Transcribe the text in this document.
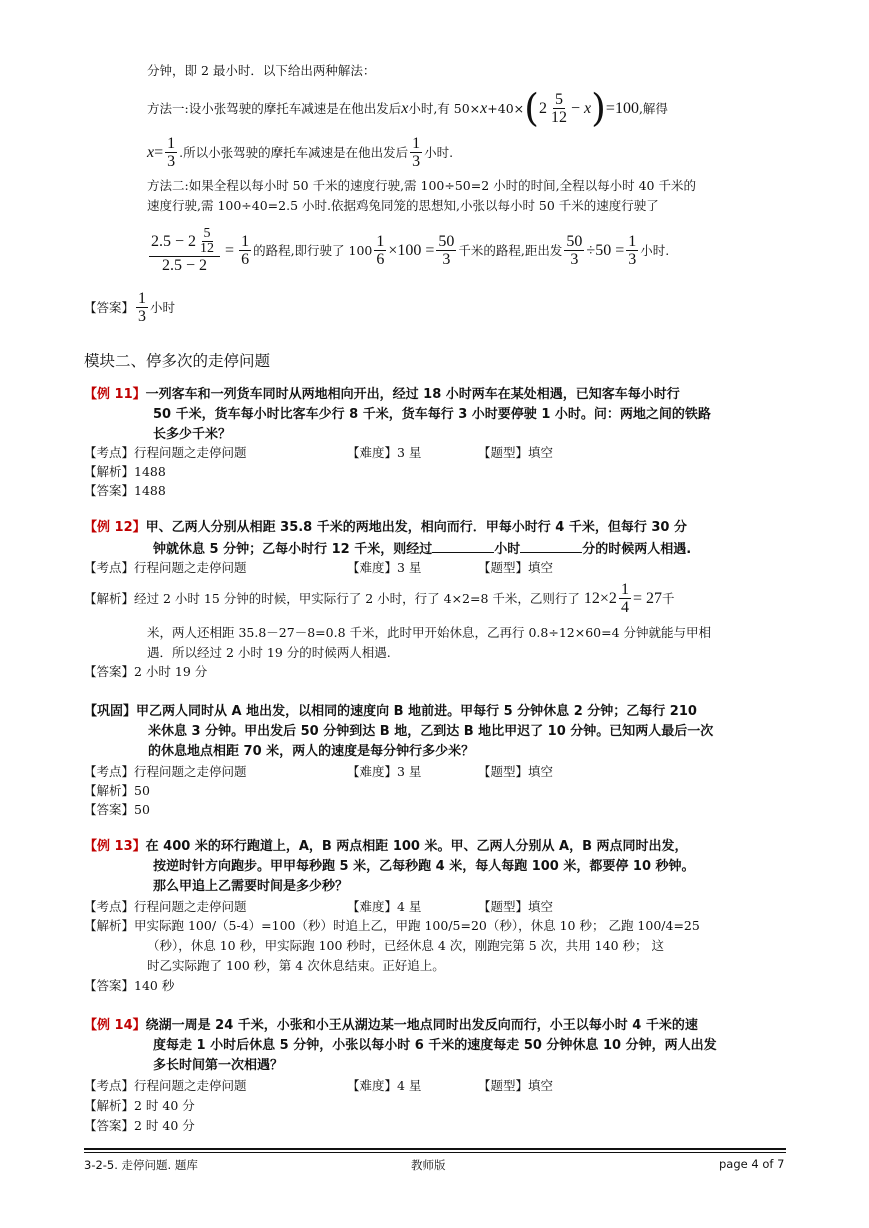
分钟，即 2 最小时．以下给出两种解法：
方法一:设小张驾驶的摩托车减速是在他出发后 x 小时,有 50× x +40× ( $2 \frac{5}{12} - x$ ) =100 ,解得
$x = \frac{1}{3}$ .所以小张驾驶的摩托车减速是在他出发后 $\frac{1}{3}$ 小时.
方法二:如果全程以每小时 50 千米的速度行驶,需 100÷50=2 小时的时间,全程以每小时 40 千米的
速度行驶,需 100÷40=2.5 小时.依据鸡兔同笼的思想知,小张以每小时 50 千米的速度行驶了
$\frac{2.5 - 2 \frac{5}{12}}{2.5 - 2} = \frac{1}{6}$ 的路程,即行驶了 $100 \frac{1}{6} \times 100 = \frac{50}{3}$ 千米的路程,距出发 $\frac{50}{3} \div 50 = \frac{1}{3}$ 小时.
【答案】 $\frac{1}{3}$ 小时
模块二、停多次的走停问题
【例 11】一列客车和一列货车同时从两地相向开出，经过 18 小时两车在某处相遇，已知客车每小时行
50 千米，货车每小时比客车少行 8 千米，货车每行 3 小时要停驶 1 小时。问：两地之间的铁路
长多少千米？
【考点】行程问题之走停问题	【难度】3 星	【题型】填空
【解析】1488
【答案】1488
【例 12】甲、乙两人分别从相距 35.8 千米的两地出发，相向而行．甲每小时行 4 千米，但每行 30 分
钟就休息 5 分钟；乙每小时行 12 千米，则经过	小时	分的时候两人相遇.
【考点】行程问题之走停问题	【难度】3 星	【题型】填空
【解析】经过 2 小时 15 分钟的时候，甲实际行了 2 小时，行了 4×2=8 千米，乙则行了 $12\times 2 \frac{1}{4} = 27$ 千
米，两人还相距 35.8－27－8=0.8 千米，此时甲开始休息，乙再行 0.8÷12×60=4 分钟就能与甲相
遇．所以经过 2 小时 19 分的时候两人相遇.
【答案】2 小时 19 分
【巩固】甲乙两人同时从 A 地出发，以相同的速度向 B 地前进。甲每行 5 分钟休息 2 分钟；乙每行 210
米休息 3 分钟。甲出发后 50 分钟到达 B 地，乙到达 B 地比甲迟了 10 分钟。已知两人最后一次
的休息地点相距 70 米，两人的速度是每分钟行多少米？
【考点】行程问题之走停问题	【难度】3 星	【题型】填空
【解析】50
【答案】50
【例 13】在 400 米的环行跑道上，A，B 两点相距 100 米。甲、乙两人分别从 A，B 两点同时出发，
按逆时针方向跑步。甲甲每秒跑 5 米，乙每秒跑 4 米，每人每跑 100 米，都要停 10 秒钟。
那么甲追上乙需要时间是多少秒？
【考点】行程问题之走停问题	【难度】4 星	【题型】填空
【解析】甲实际跑 100/（5-4）=100（秒）时追上乙，甲跑 100/5=20（秒），休息 10 秒； 乙跑 100/4=25
（秒），休息 10 秒，甲实际跑 100 秒时，已经休息 4 次，刚跑完第 5 次，共用 140 秒； 这
时乙实际跑了 100 秒，第 4 次休息结束。正好追上。
【答案】140 秒
【例 14】绕湖一周是 24 千米，小张和小王从湖边某一地点同时出发反向而行，小王以每小时 4 千米的速
度每走 1 小时后休息 5 分钟，小张以每小时 6 千米的速度每走 50 分钟休息 10 分钟，两人出发
多长时间第一次相遇？
【考点】行程问题之走停问题	【难度】4 星	【题型】填空
【解析】2 时 40 分
【答案】2 时 40 分
3-2-5. 走停问题. 题库	教师版	page 4 of 7
